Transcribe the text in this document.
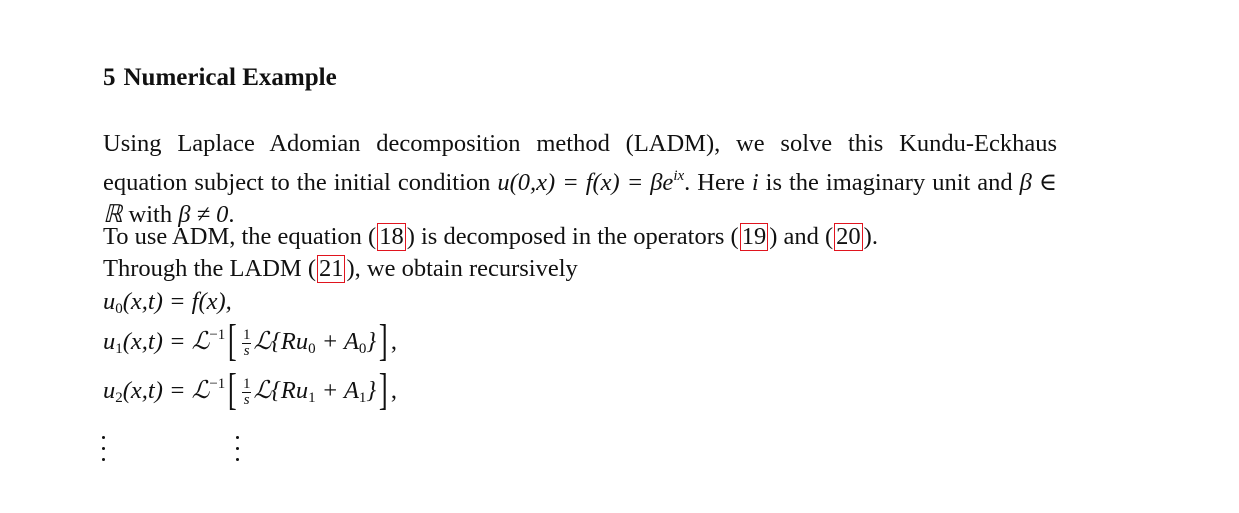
5 Numerical Example
Using Laplace Adomian decomposition method (LADM), we solve this Kundu-Eckhaus equation subject to the initial condition $u(0,x) = f(x) = \beta e^{ix}$. Here i is the imaginary unit and β ∈ ℝ with β ≠ 0.
To use ADM, the equation ( 18 ) is decomposed in the operators ( 19 ) and ( 20 ).
Through the LADM ( 21 ), we obtain recursively
$u_0(x,t) = f(x)$,
$u_1(x,t)$ = ℒ$^{-1}$[ $\frac{1}{s}$ $ℒ\{Ru_0 + A_0\}$] ,
$u_2(x,t)$ = ℒ$^{-1}$[ $\frac{1}{s}$ $ℒ\{Ru_1 + A_1\}$] ,
